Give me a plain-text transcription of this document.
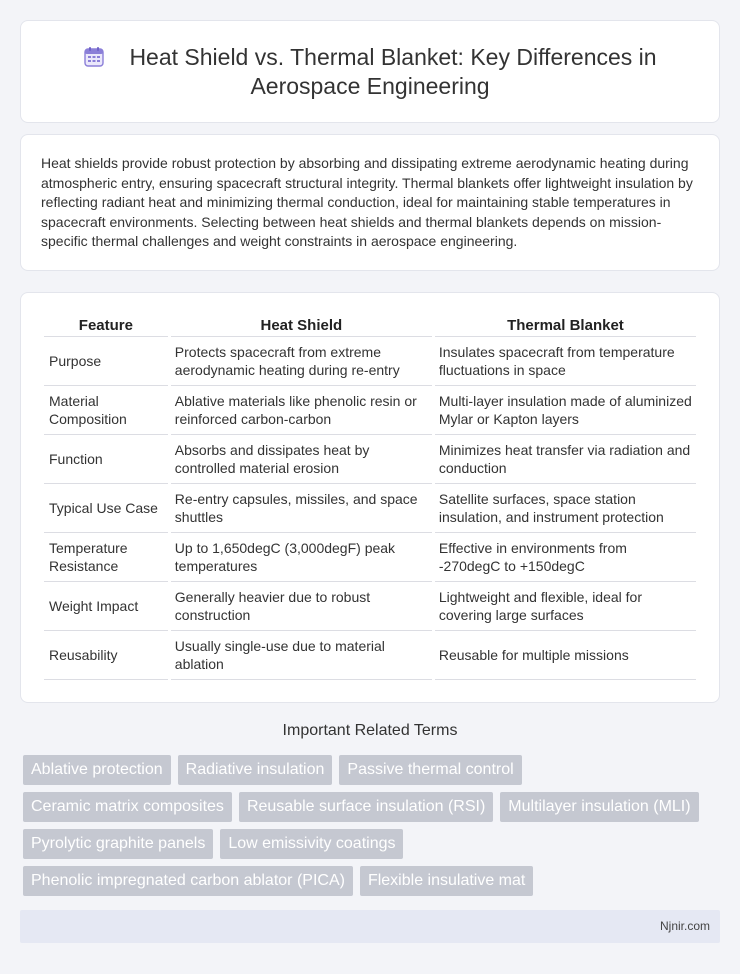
Heat Shield vs. Thermal Blanket: Key Differences in
Aerospace Engineering

Heat shields provide robust protection by absorbing and dissipating extreme aerodynamic heating during atmospheric entry, ensuring spacecraft structural integrity. Thermal blankets offer lightweight insulation by reflecting radiant heat and minimizing thermal conduction, ideal for maintaining stable temperatures in spacecraft environments. Selecting between heat shields and thermal blankets depends on mission-specific thermal challenges and weight constraints in aerospace engineering.

Feature	Heat Shield	Thermal Blanket
Purpose	Protects spacecraft from extreme aerodynamic heating during re-entry	Insulates spacecraft from temperature fluctuations in space
Material Composition	Ablative materials like phenolic resin or reinforced carbon-carbon	Multi-layer insulation made of aluminized Mylar or Kapton layers
Function	Absorbs and dissipates heat by controlled material erosion	Minimizes heat transfer via radiation and conduction
Typical Use Case	Re-entry capsules, missiles, and space shuttles	Satellite surfaces, space station insulation, and instrument protection
Temperature Resistance	Up to 1,650degC (3,000degF) peak temperatures	Effective in environments from -270degC to +150degC
Weight Impact	Generally heavier due to robust construction	Lightweight and flexible, ideal for covering large surfaces
Reusability	Usually single-use due to material ablation	Reusable for multiple missions
Important Related Terms
Ablative protection	Radiative insulation	Passive thermal control
Ceramic matrix composites	Reusable surface insulation (RSI)	Multilayer insulation (MLI)
Pyrolytic graphite panels	Low emissivity coatings
Phenolic impregnated carbon ablator (PICA)	Flexible insulative mat
Njnir.com
